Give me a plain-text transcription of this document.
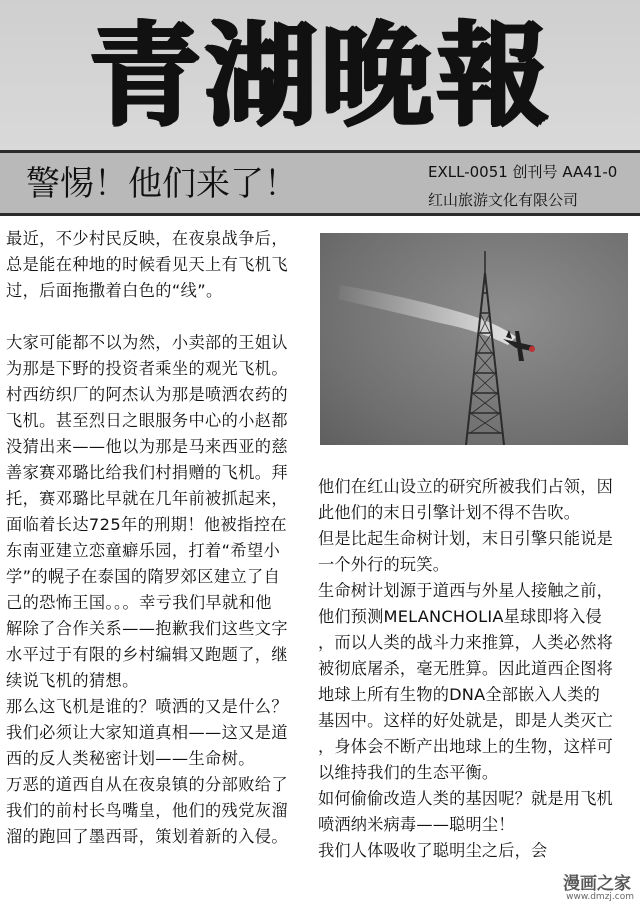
青湖晚報
警惕！他们来了！	EXLL-0051 创刊号 AA41-0
红山旅游文化有限公司

最近，不少村民反映，在夜泉战争后，

总是能在种地的时候看见天上有飞机飞

过，后面拖撒着白色的“线”。

大家可能都不以为然，小卖部的王姐认

为那是下野的投资者乘坐的观光飞机。

村西纺织厂的阿杰认为那是喷洒农药的

飞机。甚至烈日之眼服务中心的小赵都

没猜出来——他以为那是马来西亚的慈

善家赛邓璐比给我们村捐赠的飞机。拜

托，赛邓璐比早就在几年前被抓起来，

面临着长达725年的刑期！他被指控在

东南亚建立恋童癖乐园，打着“希望小

学”的幌子在泰国的隋罗郊区建立了自

己的恐怖王国。。。幸亏我们早就和他

解除了合作关系——抱歉我们这些文字

水平过于有限的乡村编辑又跑题了，继

续说飞机的猜想。

那么这飞机是谁的？喷洒的又是什么？

我们必须让大家知道真相——这又是道

西的反人类秘密计划——生命树。

万恶的道西自从在夜泉镇的分部败给了

我们的前村长鸟嘴皇，他们的残党灰溜

溜的跑回了墨西哥，策划着新的入侵。

他们在红山设立的研究所被我们占领，因

此他们的末日引擎计划不得不告吹。

但是比起生命树计划，末日引擎只能说是

一个外行的玩笑。

生命树计划源于道西与外星人接触之前，

他们预测MELANCHOLIA星球即将入侵

，而以人类的战斗力来推算，人类必然将

被彻底屠杀，毫无胜算。因此道西企图将

地球上所有生物的DNA全部嵌入人类的

基因中。这样的好处就是，即是人类灭亡

，身体会不断产出地球上的生物，这样可

以维持我们的生态平衡。

如何偷偷改造人类的基因呢？就是用飞机

喷洒纳米病毒——聪明尘！

我们人体吸收了聪明尘之后，会

漫画之家
www.dmzj.com
